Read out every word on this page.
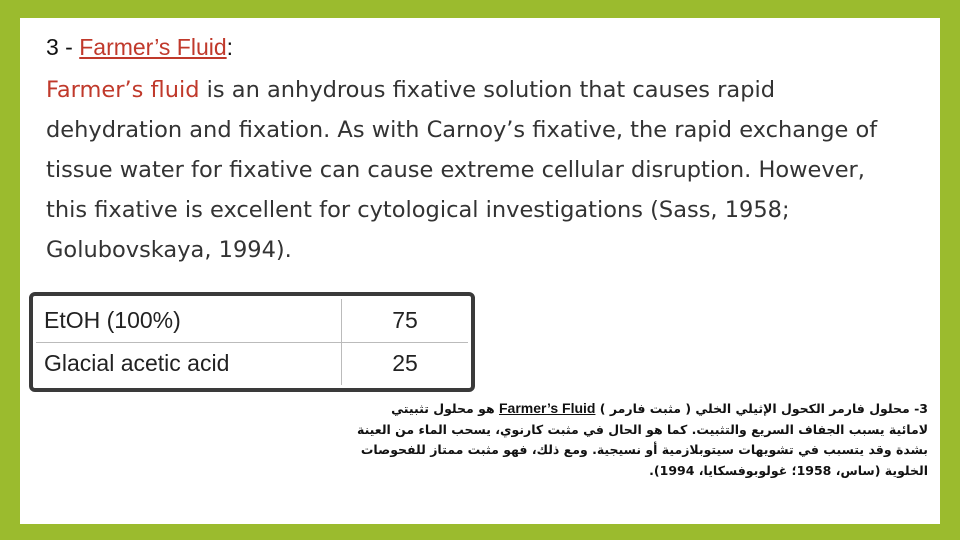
3 - Farmer’s Fluid:
Farmer’s fluid is an anhydrous fixative solution that causes rapid dehydration and fixation. As with Carnoy’s fixative, the rapid exchange of tissue water for fixative can cause extreme cellular disruption. However, this fixative is excellent for cytological investigations (Sass, 1958; Golubovskaya, 1994).
EtOH (100%)	75
Glacial acetic acid	25
3- محلول فارمر الكحول الإثيلي الخلي ( مثبت فارمر ) Farmer’s Fluid هو محلول تثبيتي لامائية يسبب الجفاف السريع والتثبيت. كما هو الحال في مثبت كارنوي، يسحب الماء من العينة بشدة وقد يتسبب في تشويهات سيتوبلازمية أو نسيجية. ومع ذلك، فهو مثبت ممتاز للفحوصات الخلوية (ساس، 1958؛ غولوبوفسكايا، 1994).
